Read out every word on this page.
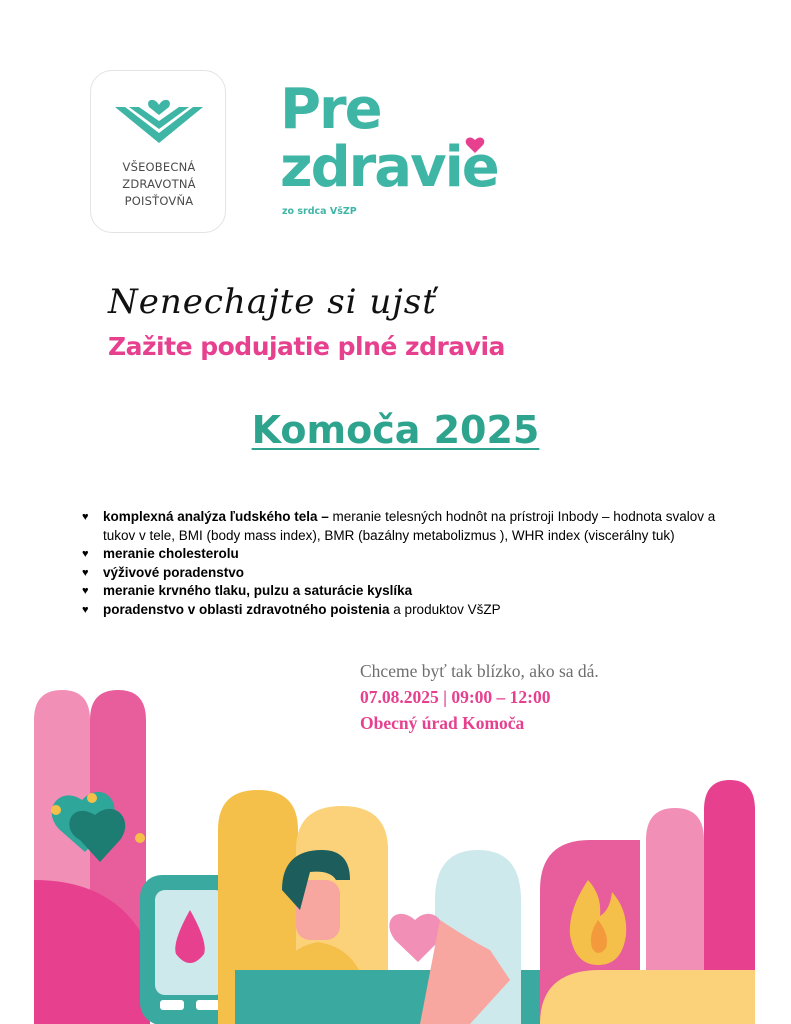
VŠEOBECNÁ
ZDRAVOTNÁ
POISŤOVŇA
Pre
zdravie
zo srdca VšZP
Nenechajte si ujsť
Zažite podujatie plné zdravia
Komoča 2025
♥ komplexná analýza ľudského tela – meranie telesných hodnôt na prístroji Inbody – hodnota svalov a tukov v tele, BMI (body mass index), BMR (bazálny metabolizmus ), WHR index (viscerálny tuk)
♥ meranie cholesterolu
♥ výživové poradenstvo
♥ meranie krvného tlaku, pulzu a saturácie kyslíka
♥ poradenstvo v oblasti zdravotného poistenia a produktov VšZP
Chceme byť tak blízko, ako sa dá.
07.08.2025 | 09:00 – 12:00
Obecný úrad Komoča
